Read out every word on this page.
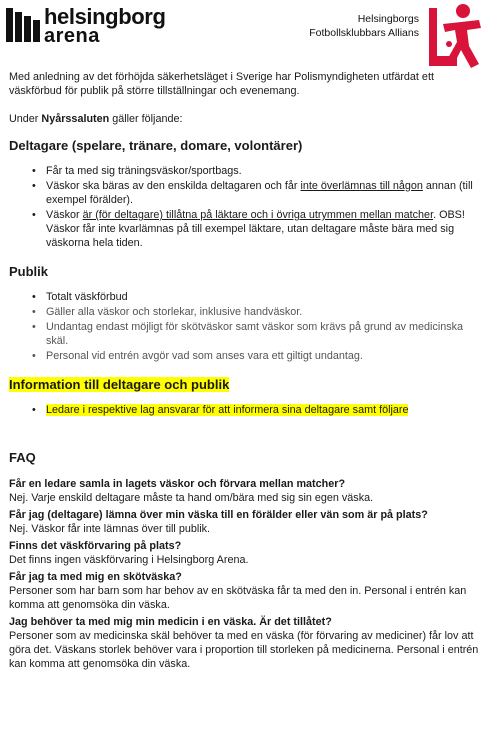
helsingborg
arena
Helsingborgs
Fotbollsklubbars Allians

Med anledning av det förhöjda säkerhetsläget i Sverige har Polismyndigheten utfärdat ett väskförbud för publik på större tillställningar och evenemang.

Under Nyårssaluten gäller följande:

Deltagare (spelare, tränare, domare, volontärer)
• Får ta med sig träningsväskor/sportbags.
• Väskor ska bäras av den enskilda deltagaren och får inte överlämnas till någon annan (till exempel förälder).
• Väskor är (för deltagare) tillåtna på läktare och i övriga utrymmen mellan matcher. OBS! Väskor får inte kvarlämnas på till exempel läktare, utan deltagare måste bära med sig väskorna hela tiden.
Publik
• Totalt väskförbud
• Gäller alla väskor och storlekar, inklusive handväskor.
• Undantag endast möjligt för skötväskor samt väskor som krävs på grund av medicinska skäl.
• Personal vid entrén avgör vad som anses vara ett giltigt undantag.
Information till deltagare och publik
• Ledare i respektive lag ansvarar för att informera sina deltagare samt följare
FAQ
Får en ledare samla in lagets väskor och förvara mellan matcher?
Nej. Varje enskild deltagare måste ta hand om/bära med sig sin egen väska.
Får jag (deltagare) lämna över min väska till en förälder eller vän som är på plats?
Nej. Väskor får inte lämnas över till publik.
Finns det väskförvaring på plats?
Det finns ingen väskförvaring i Helsingborg Arena.
Får jag ta med mig en skötväska?
Personer som har barn som har behov av en skötväska får ta med den in. Personal i entrén kan komma att genomsöka din väska.
Jag behöver ta med mig min medicin i en väska. Är det tillåtet?
Personer som av medicinska skäl behöver ta med en väska (för förvaring av mediciner) får lov att göra det. Väskans storlek behöver vara i proportion till storleken på medicinerna. Personal i entrén kan komma att genomsöka din väska.
